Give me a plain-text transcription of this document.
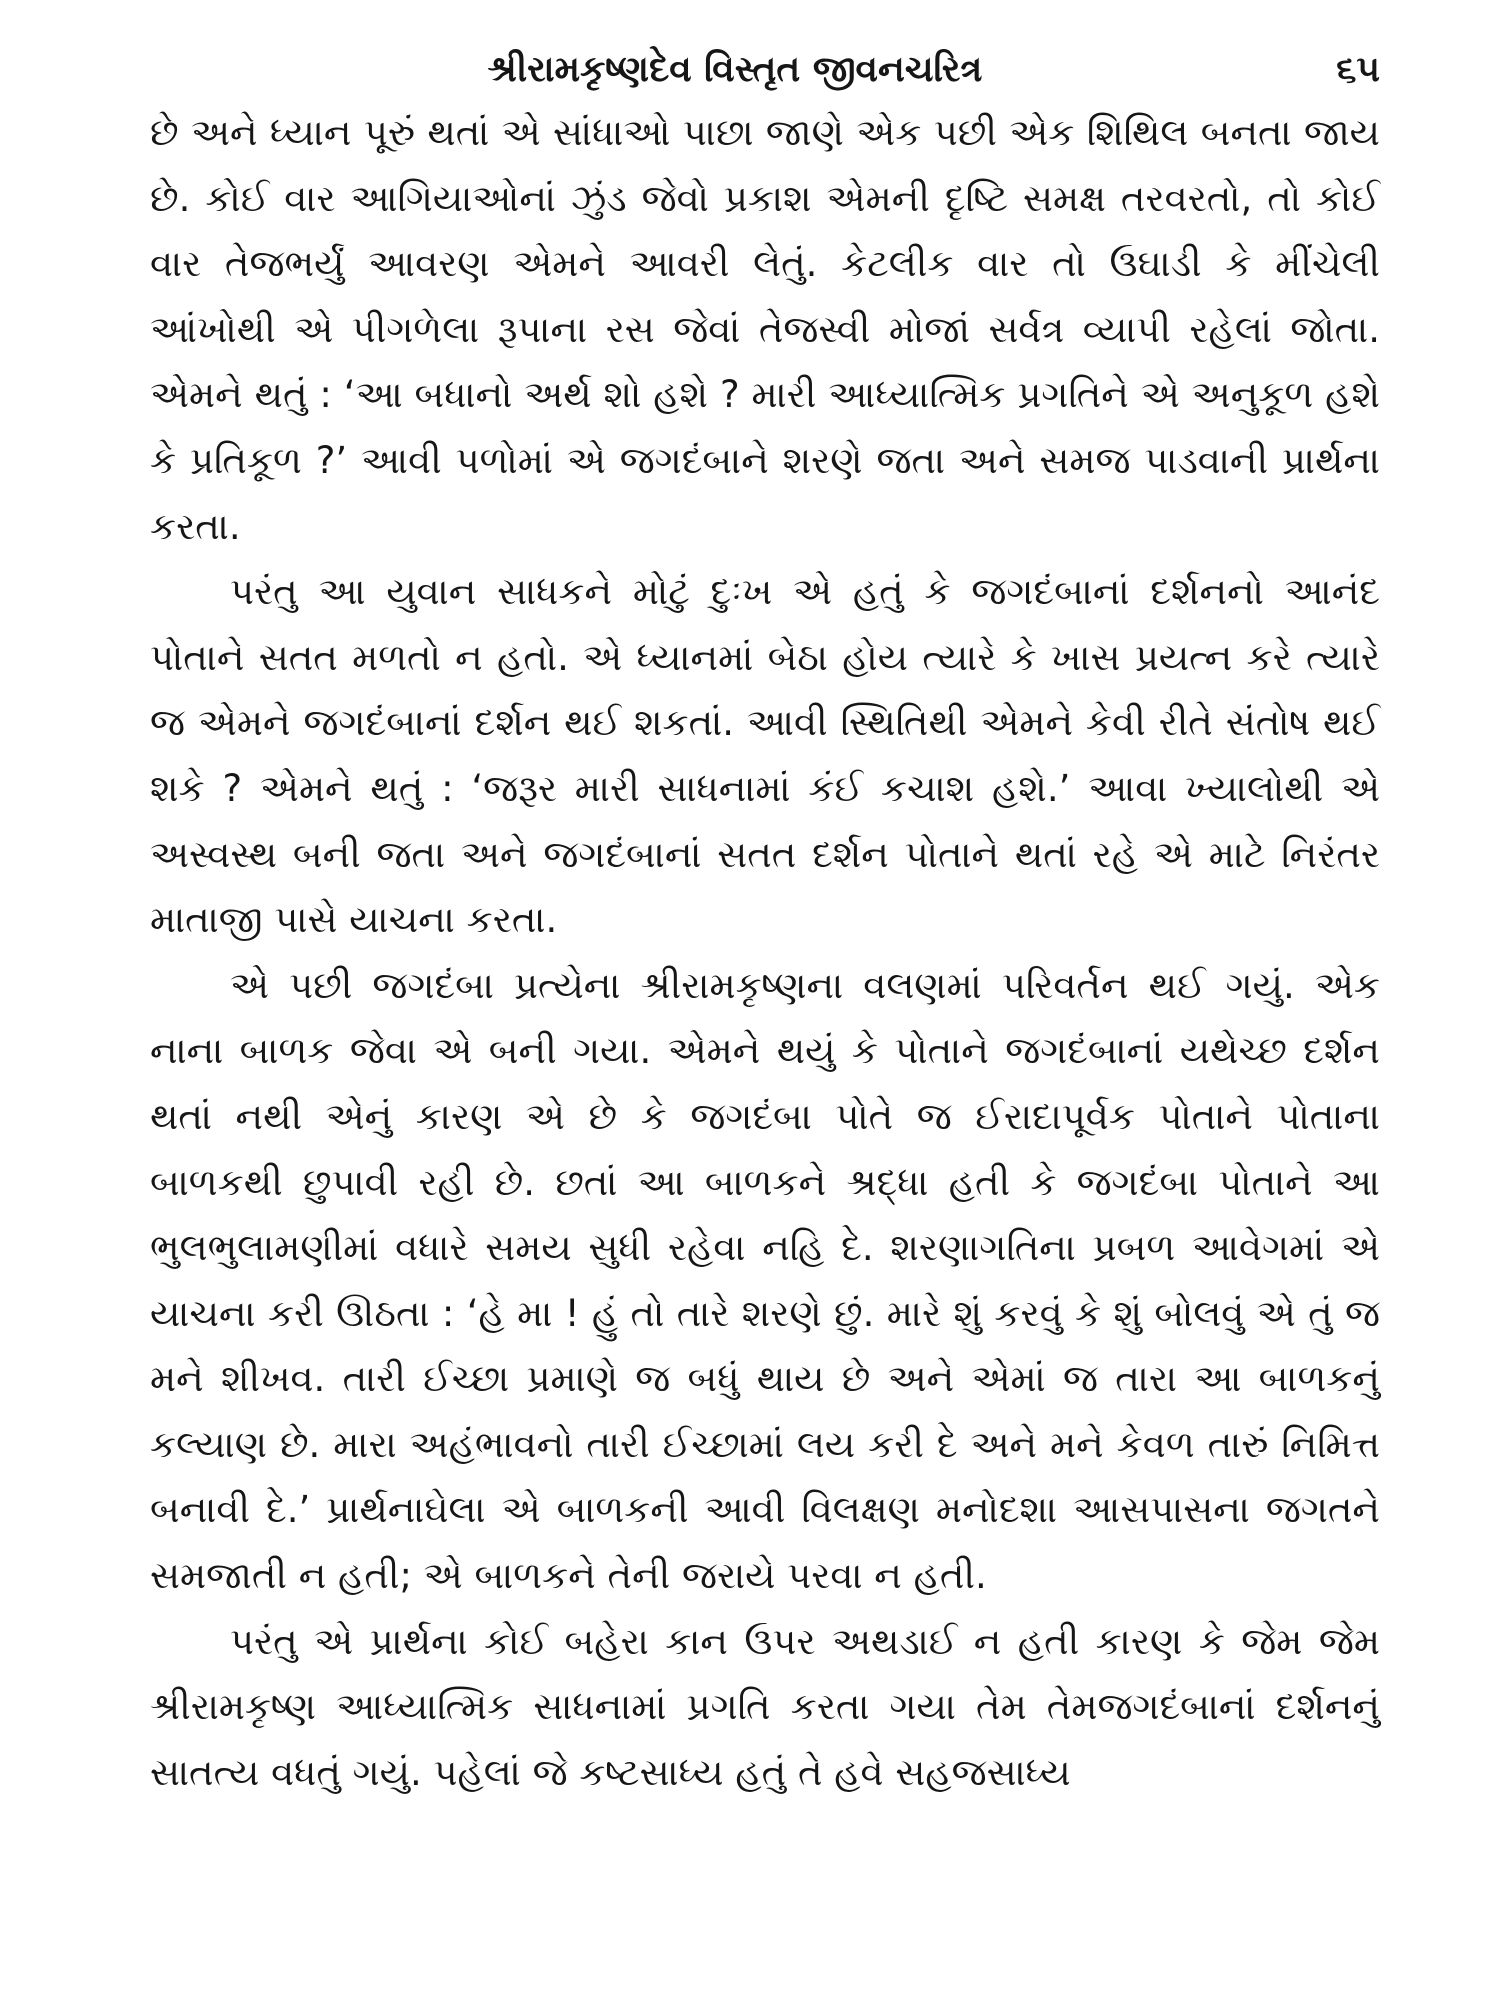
શ્રીરામકૃષ્ણદેવ વિસ્તૃત જીવનચરિત્ર	૬૫

છે અને ધ્યાન પૂરું થતાં એ સાંધાઓ પાછા જાણે એક પછી એક શિથિલ બનતા જાય છે. કોઈ વાર આગિયાઓનાં ઝુંડ જેવો પ્રકાશ એમની દૃષ્ટિ સમક્ષ તરવરતો, તો કોઈ વાર તેજભર્યું આવરણ એમને આવરી લેતું. કેટલીક વાર તો ઉઘાડી કે મીંચેલી આંખોથી એ પીગળેલા રૂપાના રસ જેવાં તેજસ્વી મોજાં સર્વત્ર વ્યાપી રહેલાં જોતા. એમને થતું : ‘આ બધાનો અર્થ શો હશે ? મારી આધ્યાત્મિક પ્રગતિને એ અનુકૂળ હશે કે પ્રતિકૂળ ?’ આવી પળોમાં એ જગદંબાને શરણે જતા અને સમજ પાડવાની પ્રાર્થના કરતા.

પરંતુ આ યુવાન સાધકને મોટું દુઃખ એ હતું કે જગદંબાનાં દર્શનનો આનંદ પોતાને સતત મળતો ન હતો. એ ધ્યાનમાં બેઠા હોય ત્યારે કે ખાસ પ્રયત્ન કરે ત્યારે જ એમને જગદંબાનાં દર્શન થઈ શકતાં. આવી સ્થિતિથી એમને કેવી રીતે સંતોષ થઈ શકે ? એમને થતું : ‘જરૂર મારી સાધનામાં કંઈ કચાશ હશે.’ આવા ખ્યાલોથી એ અસ્વસ્થ બની જતા અને જગદંબાનાં સતત દર્શન પોતાને થતાં રહે એ માટે નિરંતર માતાજી પાસે યાચના કરતા.

એ પછી જગદંબા પ્રત્યેના શ્રીરામકૃષ્ણના વલણમાં પરિવર્તન થઈ ગયું. એક નાના બાળક જેવા એ બની ગયા. એમને થયું કે પોતાને જગદંબાનાં યથેચ્છ દર્શન થતાં નથી એનું કારણ એ છે કે જગદંબા પોતે જ ઈરાદાપૂર્વક પોતાને પોતાના બાળકથી છુપાવી રહી છે. છતાં આ બાળકને શ્રદ્ધા હતી કે જગદંબા પોતાને આ ભુલભુલામણીમાં વધારે સમય સુધી રહેવા નહિ દે. શરણાગતિના પ્રબળ આવેગમાં એ યાચના કરી ઊઠતા : ‘હે મા ! હું તો તારે શરણે છું. મારે શું કરવું કે શું બોલવું એ તું જ મને શીખવ. તારી ઈચ્છા પ્રમાણે જ બધું થાય છે અને એમાં જ તારા આ બાળકનું કલ્યાણ છે. મારા અહંભાવનો તારી ઈચ્છામાં લય કરી દે અને મને કેવળ તારું નિમિત્ત બનાવી દે.’ પ્રાર્થનાઘેલા એ બાળકની આવી વિલક્ષણ મનોદશા આસપાસના જગતને સમજાતી ન હતી; એ બાળકને તેની જરાયે પરવા ન હતી.

પરંતુ એ પ્રાર્થના કોઈ બહેરા કાન ઉપર અથડાઈ ન હતી કારણ કે જેમ જેમ શ્રીરામકૃષ્ણ આધ્યાત્મિક સાધનામાં પ્રગતિ કરતા ગયા તેમ તેમજગદંબાનાં દર્શનનું સાતત્ય વધતું ગયું. પહેલાં જે કષ્ટસાધ્ય હતું તે હવે સહજસાધ્ય
